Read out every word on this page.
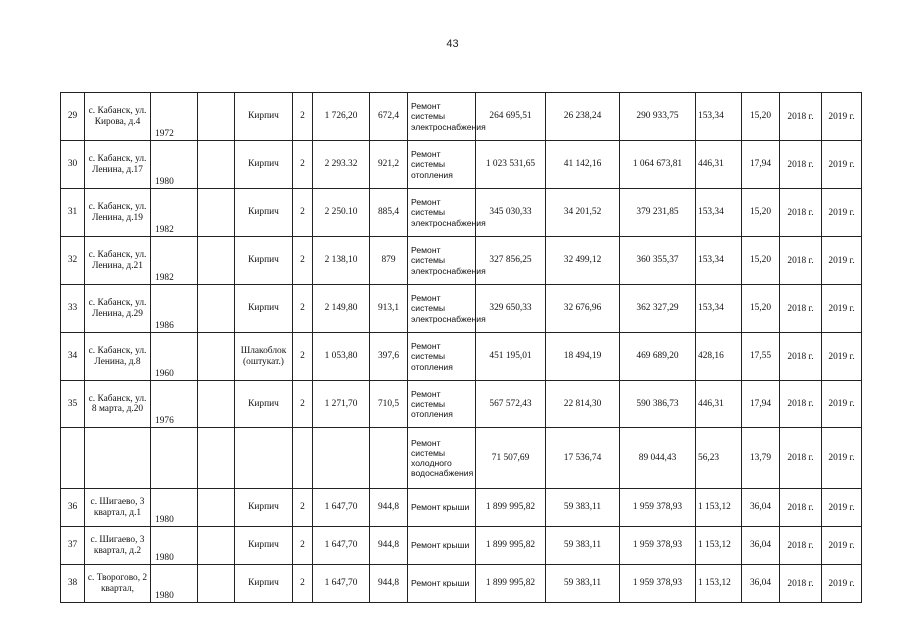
43
29	с. Кабанск, ул. Кирова, д.4	1972		Кирпич	2	1 726,20	672,4	Ремонт системы электроснабжения	264 695,51	26 238,24	290 933,75	153,34	15,20	2018 г.	2019 г.
30	с. Кабанск, ул. Ленина, д.17	1980		Кирпич	2	2 293.32	921,2	Ремонт системы отопления	1 023 531,65	41 142,16	1 064 673,81	446,31	17,94	2018 г.	2019 г.
31	с. Кабанск, ул. Ленина, д.19	1982		Кирпич	2	2 250.10	885,4	Ремонт системы электроснабжения	345 030,33	34 201,52	379 231,85	153,34	15,20	2018 г.	2019 г.
32	с. Кабанск, ул. Ленина, д.21	1982		Кирпич	2	2 138,10	879	Ремонт системы электроснабжения	327 856,25	32 499,12	360 355,37	153,34	15,20	2018 г.	2019 г.
33	с. Кабанск, ул. Ленина, д.29	1986		Кирпич	2	2 149,80	913,1	Ремонт системы электроснабжения	329 650,33	32 676,96	362 327,29	153,34	15,20	2018 г.	2019 г.
34	с. Кабанск, ул. Ленина, д.8	1960		Шлакоблок (оштукат.)	2	1 053,80	397,6	Ремонт системы отопления	451 195,01	18 494,19	469 689,20	428,16	17,55	2018 г.	2019 г.
35	с. Кабанск, ул. 8 марта, д.20	1976		Кирпич	2	1 271,70	710,5	Ремонт системы отопления	567 572,43	22 814,30	590 386,73	446,31	17,94	2018 г.	2019 г.
								Ремонт системы холодного водоснабжения	71 507,69	17 536,74	89 044,43	56,23	13,79	2018 г.	2019 г.
36	с. Шигаево, 3 квартал, д.1	1980		Кирпич	2	1 647,70	944,8	Ремонт крыши	1 899 995,82	59 383,11	1 959 378,93	1 153,12	36,04	2018 г.	2019 г.
37	с. Шигаево, 3 квартал, д.2	1980		Кирпич	2	1 647,70	944,8	Ремонт крыши	1 899 995,82	59 383,11	1 959 378,93	1 153,12	36,04	2018 г.	2019 г.
38	с. Творогово, 2 квартал,	1980		Кирпич	2	1 647,70	944,8	Ремонт крыши	1 899 995,82	59 383,11	1 959 378,93	1 153,12	36,04	2018 г.	2019 г.
